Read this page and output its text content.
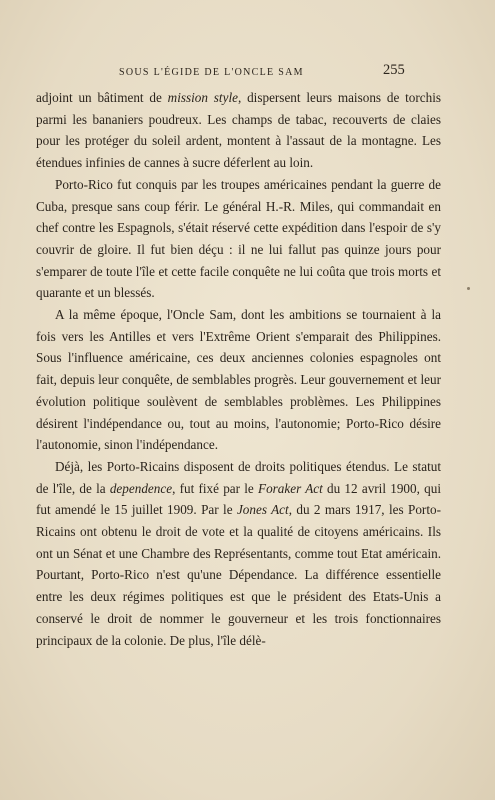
SOUS L'ÉGIDE DE L'ONCLE SAM	255

adjoint un bâtiment de mission style, dispersent leurs maisons de torchis parmi les bananiers poudreux. Les champs de tabac, recouverts de claies pour les protéger du soleil ardent, montent à l'assaut de la montagne. Les étendues infinies de cannes à sucre déferlent au loin.

Porto-Rico fut conquis par les troupes américaines pendant la guerre de Cuba, presque sans coup férir. Le général H.-R. Miles, qui commandait en chef contre les Espagnols, s'était réservé cette expédition dans l'espoir de s'y couvrir de gloire. Il fut bien déçu : il ne lui fallut pas quinze jours pour s'emparer de toute l'île et cette facile conquête ne lui coûta que trois morts et quarante et un blessés.

A la même époque, l'Oncle Sam, dont les ambitions se tournaient à la fois vers les Antilles et vers l'Extrême Orient s'emparait des Philippines. Sous l'influence américaine, ces deux anciennes colonies espagnoles ont fait, depuis leur conquête, de semblables progrès. Leur gouvernement et leur évolution politique soulèvent de semblables problèmes. Les Philippines désirent l'indépendance ou, tout au moins, l'autonomie; Porto-Rico désire l'autonomie, sinon l'indépendance.

Déjà, les Porto-Ricains disposent de droits politiques étendus. Le statut de l'île, de la dependence, fut fixé par le Foraker Act du 12 avril 1900, qui fut amendé le 15 juillet 1909. Par le Jones Act, du 2 mars 1917, les Porto-Ricains ont obtenu le droit de vote et la qualité de citoyens américains. Ils ont un Sénat et une Chambre des Représentants, comme tout Etat américain. Pourtant, Porto-Rico n'est qu'une Dépendance. La différence essentielle entre les deux régimes politiques est que le président des Etats-Unis a conservé le droit de nommer le gouverneur et les trois fonctionnaires principaux de la colonie. De plus, l'île délè-
